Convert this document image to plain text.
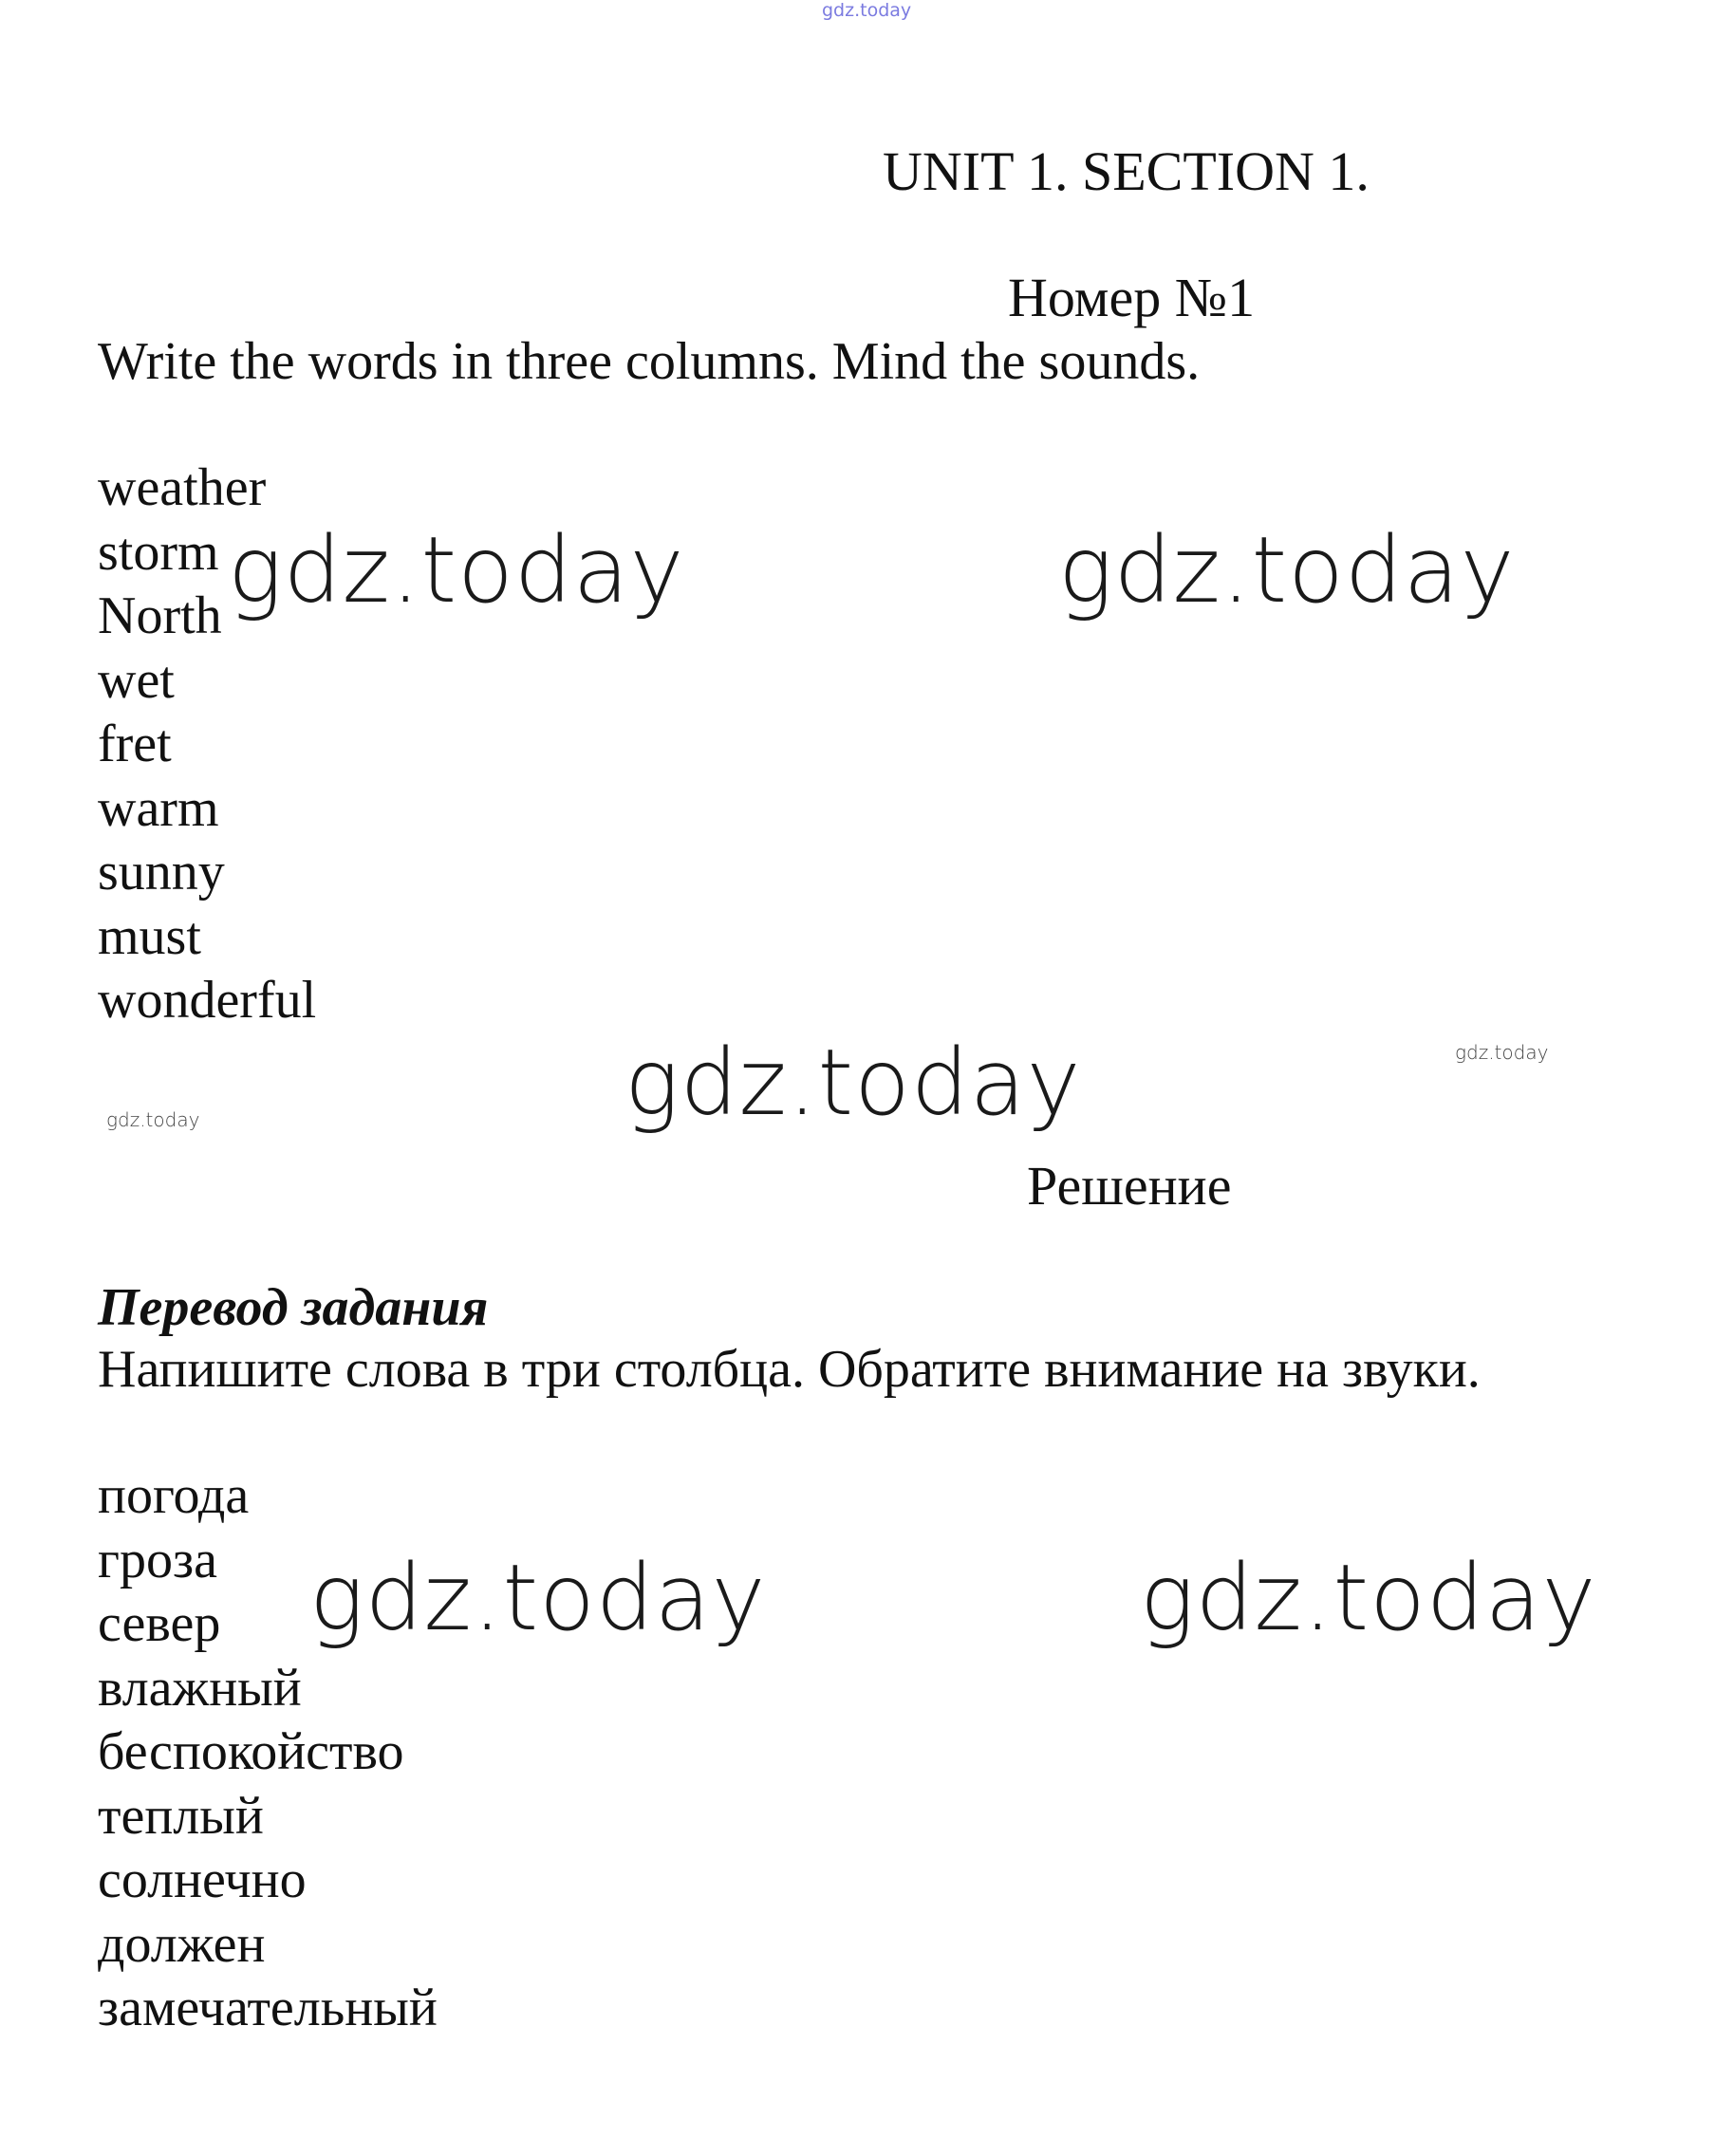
gdz.today
UNIT 1. SECTION 1.
Номер №1
Write the words in three columns. Mind the sounds.
weather
storm
North
wet
fret
warm
sunny
must
wonderful
gdz.today	gdz.today
gdz.today	gdz.today
gdz.today
Решение
Перевод задания
Напишите слова в три столбца. Обратите внимание на звуки.
погода
гроза
север
влажный
беспокойство
теплый
солнечно
должен
замечательный
gdz.today	gdz.today
